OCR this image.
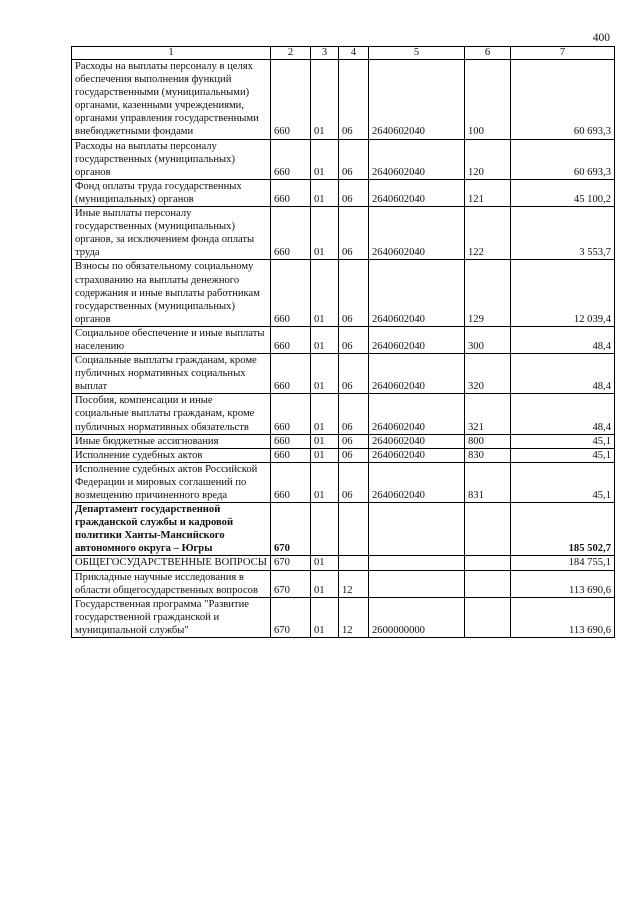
400
1	2	3	4	5	6	7
Расходы на выплаты персоналу в целях обеспечения выполнения функций государственными (муниципальными) органами, казенными учреждениями, органами управления государственными внебюджетными фондами	660	01	06	2640602040	100	60 693,3
Расходы на выплаты персоналу государственных (муниципальных) органов	660	01	06	2640602040	120	60 693,3
Фонд оплаты труда государственных (муниципальных) органов	660	01	06	2640602040	121	45 100,2
Иные выплаты персоналу государственных (муниципальных) органов, за исключением фонда оплаты труда	660	01	06	2640602040	122	3 553,7
Взносы по обязательному социальному страхованию на выплаты денежного содержания и иные выплаты работникам государственных (муниципальных) органов	660	01	06	2640602040	129	12 039,4
Социальное обеспечение и иные выплаты населению	660	01	06	2640602040	300	48,4
Социальные выплаты гражданам, кроме публичных нормативных социальных выплат	660	01	06	2640602040	320	48,4
Пособия, компенсации и иные социальные выплаты гражданам, кроме публичных нормативных обязательств	660	01	06	2640602040	321	48,4
Иные бюджетные ассигнования	660	01	06	2640602040	800	45,1
Исполнение судебных актов	660	01	06	2640602040	830	45,1
Исполнение судебных актов Российской Федерации и мировых соглашений по возмещению причиненного вреда	660	01	06	2640602040	831	45,1
Департамент государственной гражданской службы и кадровой политики Ханты-Мансийского автономного округа – Югры	670					185 502,7
ОБЩЕГОСУДАРСТВЕННЫЕ ВОПРОСЫ	670	01				184 755,1
Прикладные научные исследования в области общегосударственных вопросов	670	01	12			113 690,6
Государственная программа "Развитие государственной гражданской и муниципальной службы"	670	01	12	2600000000		113 690,6
